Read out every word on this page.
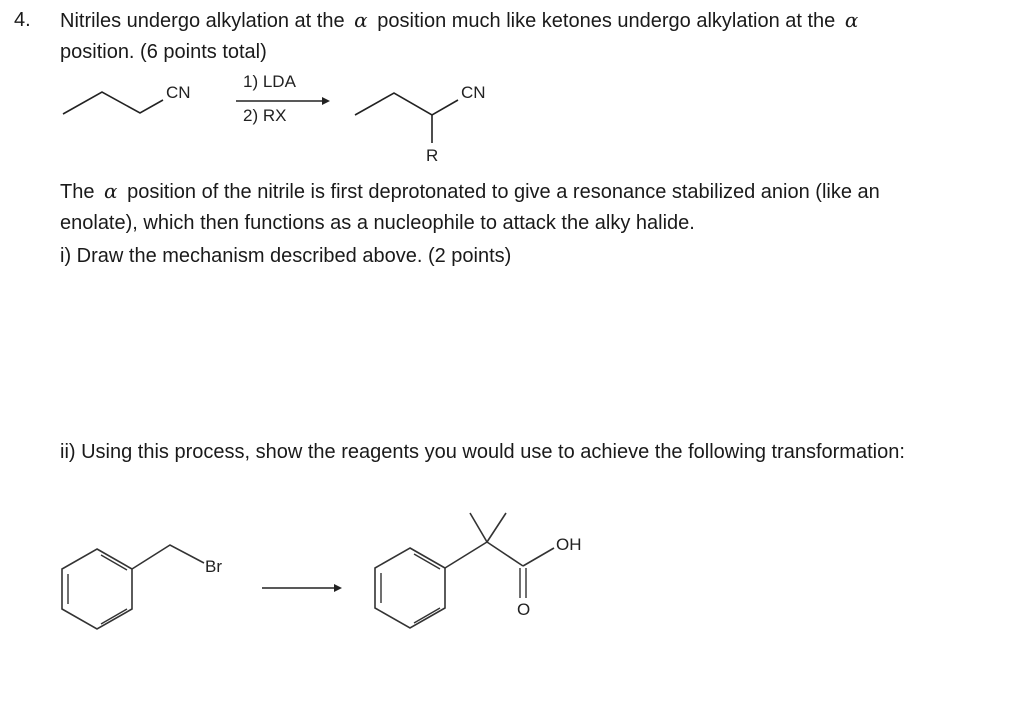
4. Nitriles undergo alkylation at the α position much like ketones undergo alkylation at the α
position. (6 points total)
CN
1) LDA
2) RX
CN
R
The α position of the nitrile is first deprotonated to give a resonance stabilized anion (like an
enolate), which then functions as a nucleophile to attack the alky halide.
i) Draw the mechanism described above. (2 points)
ii) Using this process, show the reagents you would use to achieve the following transformation:
Br
OH
O
